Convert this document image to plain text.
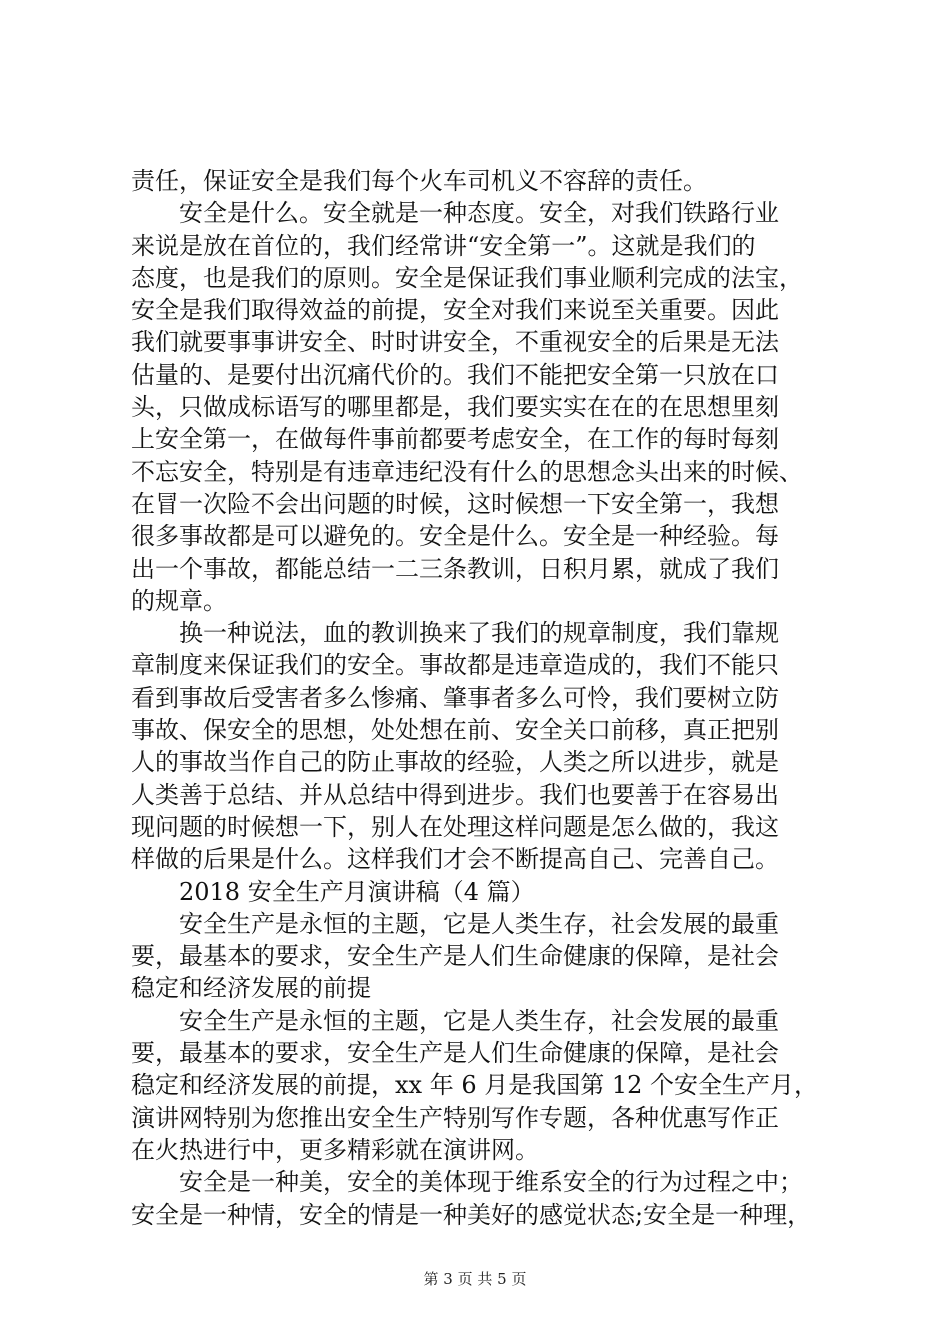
责任，保证安全是我们每个火车司机义不容辞的责任。
安全是什么。安全就是一种态度。安全，对我们铁路行业
来说是放在首位的，我们经常讲“安全第一”。这就是我们的
态度，也是我们的原则。安全是保证我们事业顺利完成的法宝，
安全是我们取得效益的前提，安全对我们来说至关重要。因此
我们就要事事讲安全、时时讲安全，不重视安全的后果是无法
估量的、是要付出沉痛代价的。我们不能把安全第一只放在口
头，只做成标语写的哪里都是，我们要实实在在的在思想里刻
上安全第一，在做每件事前都要考虑安全，在工作的每时每刻
不忘安全，特别是有违章违纪没有什么的思想念头出来的时候、
在冒一次险不会出问题的时候，这时候想一下安全第一，我想
很多事故都是可以避免的。安全是什么。安全是一种经验。每
出一个事故，都能总结一二三条教训，日积月累，就成了我们
的规章。
换一种说法，血的教训换来了我们的规章制度，我们靠规
章制度来保证我们的安全。事故都是违章造成的，我们不能只
看到事故后受害者多么惨痛、肇事者多么可怜，我们要树立防
事故、保安全的思想，处处想在前、安全关口前移，真正把别
人的事故当作自己的防止事故的经验，人类之所以进步，就是
人类善于总结、并从总结中得到进步。我们也要善于在容易出
现问题的时候想一下，别人在处理这样问题是怎么做的，我这
样做的后果是什么。这样我们才会不断提高自己、完善自己。
2018 安全生产月演讲稿（4 篇）
安全生产是永恒的主题，它是人类生存，社会发展的最重
要，最基本的要求，安全生产是人们生命健康的保障，是社会
稳定和经济发展的前提
安全生产是永恒的主题，它是人类生存，社会发展的最重
要，最基本的要求，安全生产是人们生命健康的保障，是社会
稳定和经济发展的前提，xx 年 6 月是我国第 12 个安全生产月，
演讲网特别为您推出安全生产特别写作专题，各种优惠写作正
在火热进行中，更多精彩就在演讲网。
安全是一种美，安全的美体现于维系安全的行为过程之中；
安全是一种情，安全的情是一种美好的感觉状态;安全是一种理，
第 3 页 共 5 页
